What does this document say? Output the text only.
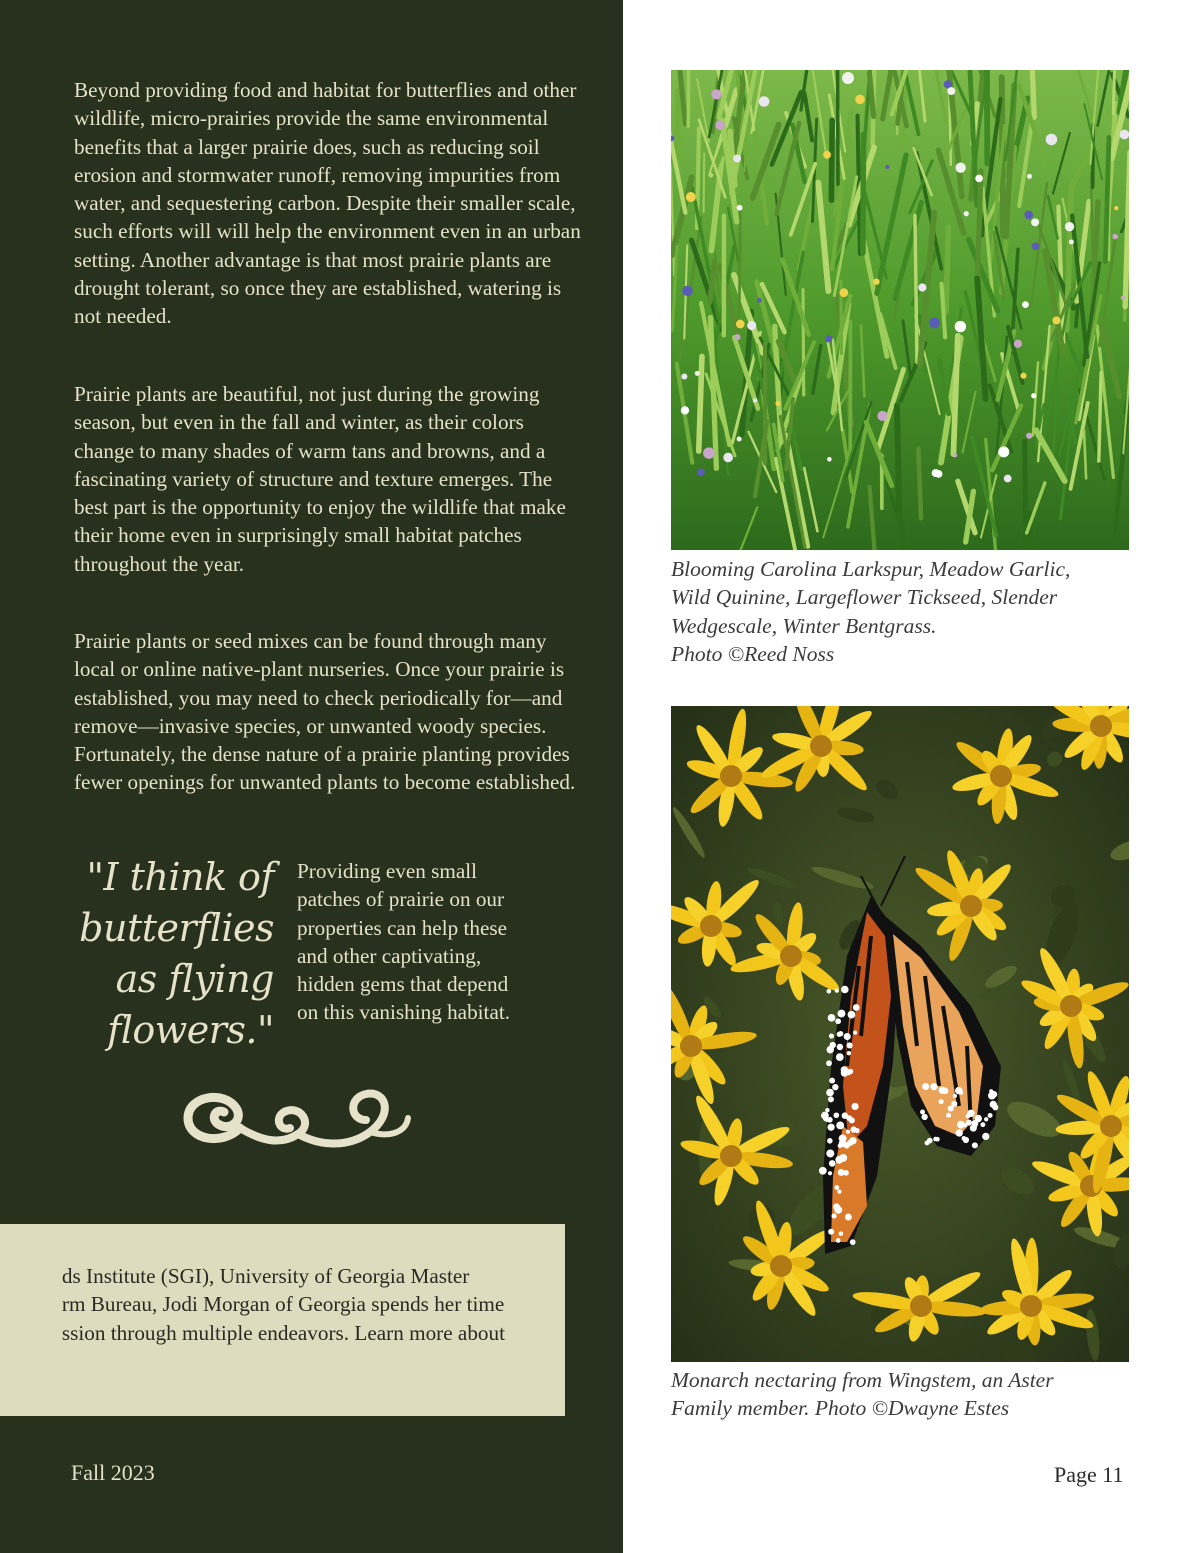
Beyond providing food and habitat for butterflies and other wildlife, micro-prairies provide the same environmental benefits that a larger prairie does, such as reducing soil erosion and stormwater runoff, removing impurities from water, and sequestering carbon. Despite their smaller scale, such efforts will will help the environment even in an urban setting. Another advantage is that most prairie plants are drought tolerant, so once they are established, watering is not needed.

Prairie plants are beautiful, not just during the growing season, but even in the fall and winter, as their colors change to many shades of warm tans and browns, and a fascinating variety of structure and texture emerges. The best part is the opportunity to enjoy the wildlife that make their home even in surprisingly small habitat patches throughout the year.

Prairie plants or seed mixes can be found through many local or online native-plant nurseries. Once your prairie is established, you may need to check periodically for—and remove—invasive species, or unwanted woody species. Fortunately, the dense nature of a prairie planting provides fewer openings for unwanted plants to become established.

"I think of butterflies as flying flowers."

Providing even small patches of prairie on our properties can help these and other captivating, hidden gems that depend on this vanishing habitat.

ds Institute (SGI), University of Georgia Master
rm Bureau, Jodi Morgan of Georgia spends her time
ssion through multiple endeavors. Learn more about
Fall 2023	Page 11
Blooming Carolina Larkspur, Meadow Garlic,
Wild Quinine, Largeflower Tickseed, Slender
Wedgescale, Winter Bentgrass.
Photo ©Reed Noss
Monarch nectaring from Wingstem, an Aster
Family member. Photo ©Dwayne Estes
